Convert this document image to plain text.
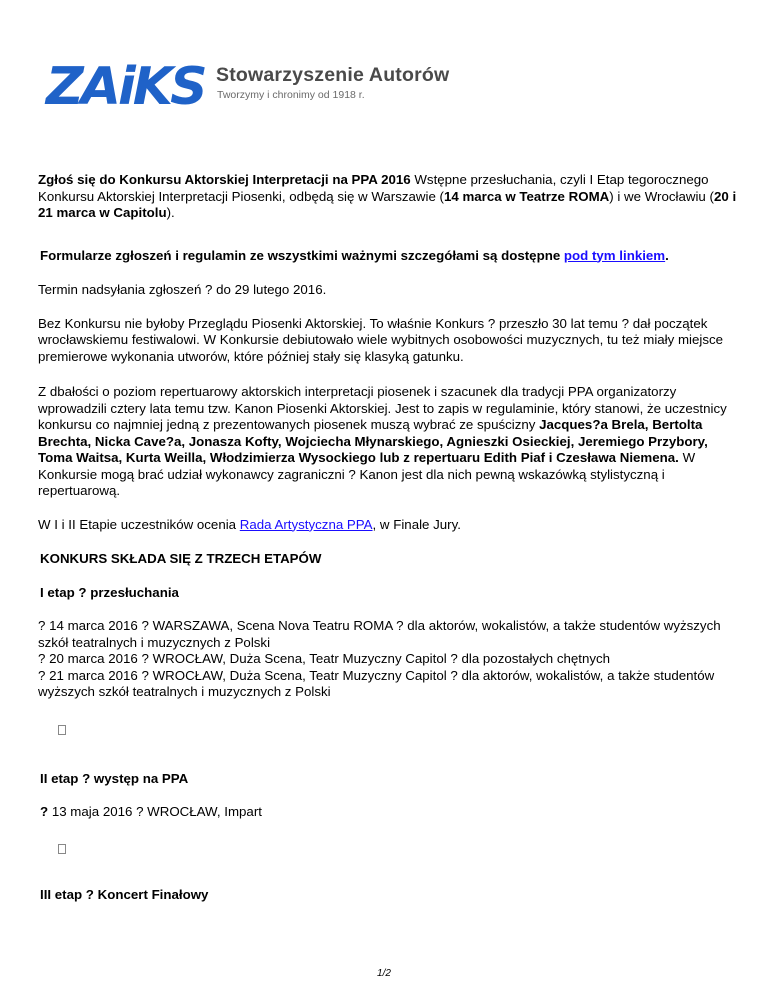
ZAiKS Stowarzyszenie Autorów
Tworzymy i chronimy od 1918 r.

Zgłoś się do Konkursu Aktorskiej Interpretacji na PPA 2016 Wstępne przesłuchania, czyli I Etap tegorocznego Konkursu Aktorskiej Interpretacji Piosenki, odbędą się w Warszawie (14 marca w Teatrze ROMA) i we Wrocławiu (20 i 21 marca w Capitolu).

Formularze zgłoszeń i regulamin ze wszystkimi ważnymi szczegółami są dostępne pod tym linkiem.

Termin nadsyłania zgłoszeń ? do 29 lutego 2016.

Bez Konkursu nie byłoby Przeglądu Piosenki Aktorskiej. To właśnie Konkurs ? przeszło 30 lat temu ? dał początek wrocławskiemu festiwalowi. W Konkursie debiutowało wiele wybitnych osobowości muzycznych, tu też miały miejsce premierowe wykonania utworów, które później stały się klasyką gatunku.

Z dbałości o poziom repertuarowy aktorskich interpretacji piosenek i szacunek dla tradycji PPA organizatorzy wprowadzili cztery lata temu tzw. Kanon Piosenki Aktorskiej. Jest to zapis w regulaminie, który stanowi, że uczestnicy konkursu co najmniej jedną z prezentowanych piosenek muszą wybrać ze spuścizny Jacques?a Brela, Bertolta Brechta, Nicka Cave?a, Jonasza Kofty, Wojciecha Młynarskiego, Agnieszki Osieckiej, Jeremiego Przybory, Toma Waitsa, Kurta Weilla, Włodzimierza Wysockiego lub z repertuaru Edith Piaf i Czesława Niemena. W Konkursie mogą brać udział wykonawcy zagraniczni ? Kanon jest dla nich pewną wskazówką stylistyczną i repertuarową.

W I i II Etapie uczestników ocenia Rada Artystyczna PPA, w Finale Jury.

KONKURS SKŁADA SIĘ Z TRZECH ETAPÓW

I etap ? przesłuchania

? 14 marca 2016 ? WARSZAWA, Scena Nova Teatru ROMA ? dla aktorów, wokalistów, a także studentów wyższych szkół teatralnych i muzycznych z Polski
? 20 marca 2016 ? WROCŁAW, Duża Scena, Teatr Muzyczny Capitol ? dla pozostałych chętnych
? 21 marca 2016 ? WROCŁAW, Duża Scena, Teatr Muzyczny Capitol ? dla aktorów, wokalistów, a także studentów wyższych szkół teatralnych i muzycznych z Polski

II etap ? występ na PPA

? 13 maja 2016 ? WROCŁAW, Impart

III etap ? Koncert Finałowy

1/2
